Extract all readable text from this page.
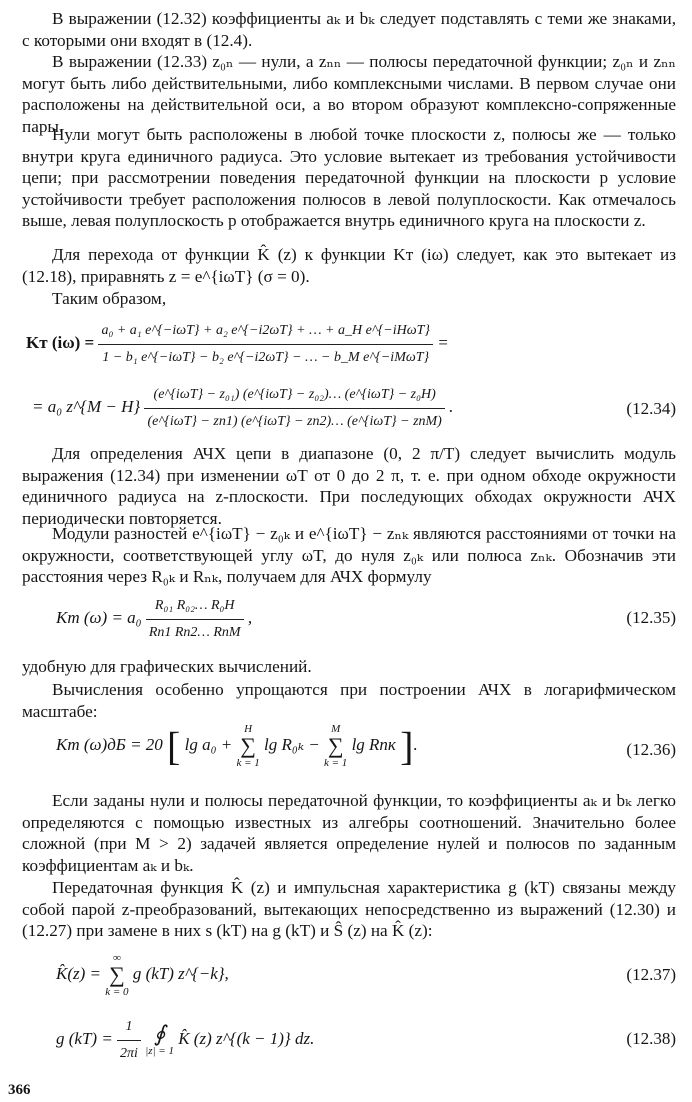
В выражении (12.32) коэффициенты aₖ и bₖ следует подставлять с теми же знаками, с которыми они входят в (12.4).

В выражении (12.33) z₀ₙ — нули, а zₙₙ — полюсы передаточной функции; z₀ₙ и zₙₙ могут быть либо действительными, либо комплексными числами. В первом случае они расположены на действительной оси, а во втором образуют комплексно-сопряженные пары.

Нули могут быть расположены в любой точке плоскости z, полюсы же — только внутри круга единичного радиуса. Это условие вытекает из требования устойчивости цепи; при рассмотрении поведения передаточной функции на плоскости p условие устойчивости требует расположения полюсов в левой полуплоскости. Как отмечалось выше, левая полуплоскость p отображается внутрь единичного круга на плоскости z.

Для перехода от функции K̂ (z) к функции Kт (iω) следует, как это вытекает из (12.18), приравнять z = e^{iωT} (σ = 0).

Таким образом,

Kт $(i\omega) = \frac{\text{a₀ + a₁ e\textasciicircum{}\{−iωT\} + a₂ e\textasciicircum{}\{−i2ωT\} + … + a\_H e\textasciicircum{}\{−iHωT\}}}{\text{1 − b₁ e\textasciicircum{}\{−iωT\} − b₂ e\textasciicircum{}\{−i2ωT\} − … − b\_M e\textasciicircum{}\{−iMωT\}}}$ =
= a₀ z^{M − $H\} \frac{\text{(e\textasciicircum{}\{iωT\} − z₀₁) (e\textasciicircum{}\{iωT\} − z₀₂)… (e\textasciicircum{}\{iωT\} − z₀H)}}{\text{(e\textasciicircum{}\{iωT\} − zп1) (e\textasciicircum{}\{iωT\} − zп2)… (e\textasciicircum{}\{iωT\} − zпM)}}$ .	(12.34)

Для определения АЧХ цепи в диапазоне (0, 2 π/T) следует вычислить модуль выражения (12.34) при изменении ωT от 0 до 2 π, т. е. при одном обходе окружности единичного радиуса на z-плоскости. При последующих обходах окружности АЧХ периодически повторяется.

Модули разностей e^{iωT} − z₀ₖ и e^{iωT} − zₙₖ являются расстояниями от точки на окружности, соответствующей углу ωT, до нуля z₀ₖ или полюса zₙₖ. Обозначив эти расстояния через R₀ₖ и Rₙₖ, получаем для АЧХ формулу

Kт $(\omega) = a_0 \frac{\text{R₀₁ R₀₂… R₀H}}{\text{Rп1 Rп2… RпM}}$ ,	(12.35)

удобную для графических вычислений.

Вычисления особенно упрощаются при построении АЧХ в логарифмическом масштабе:

Kт (ω)дБ = 20 [ lg a₀ + H
∑
k = 1 lg R₀ₖ − M
∑
k = 1 lg Rпк ].	(12.36)

Если заданы нули и полюсы передаточной функции, то коэффициенты aₖ и bₖ легко определяются с помощью известных из алгебры соотношений. Значительно более сложной (при M > 2) задачей является определение нулей и полюсов по заданным коэффициентам aₖ и bₖ.

Передаточная функция K̂ (z) и импульсная характеристика g (kT) связаны между собой парой z-преобразований, вытекающих непосредственно из выражений (12.30) и (12.27) при замене в них s (kT) на g (kT) и Ŝ (z) на K̂ (z):

K̂(z) = ∞
∑
k = 0 g (kT) z^{−k},	(12.37)
g $(kT) = \frac{1}{2\pi i}$
∮
|z| = 1 K̂ (z) z^{(k − 1)} dz.	(12.38)
366
